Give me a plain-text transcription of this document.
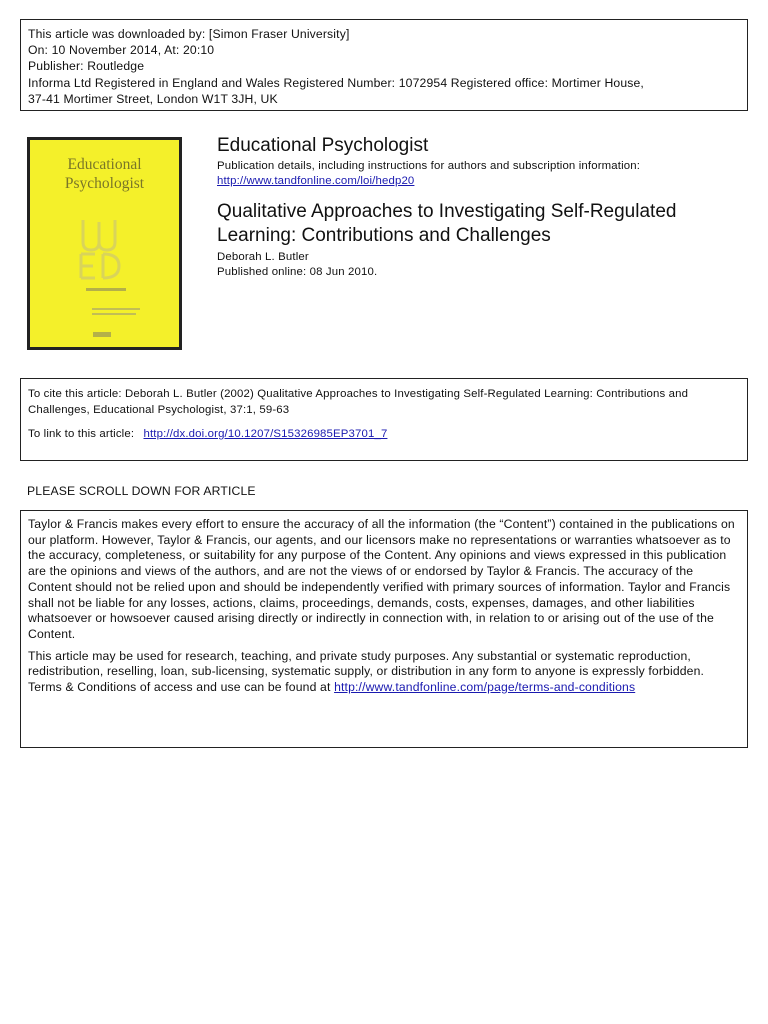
This article was downloaded by: [Simon Fraser University]
On: 10 November 2014, At: 20:10
Publisher: Routledge
Informa Ltd Registered in England and Wales Registered Number: 1072954 Registered office: Mortimer House,
37-41 Mortimer Street, London W1T 3JH, UK
Educational
Psychologist
Educational Psychologist
Publication details, including instructions for authors and subscription information:
http://www.tandfonline.com/loi/hedp20
Qualitative Approaches to Investigating Self-Regulated Learning: Contributions and Challenges
Deborah L. Butler
Published online: 08 Jun 2010.
To cite this article: Deborah L. Butler (2002) Qualitative Approaches to Investigating Self-Regulated Learning: Contributions and Challenges, Educational Psychologist, 37:1, 59-63
To link to this article: http://dx.doi.org/10.1207/S15326985EP3701_7
PLEASE SCROLL DOWN FOR ARTICLE

Taylor & Francis makes every effort to ensure the accuracy of all the information (the “Content”) contained in the publications on our platform. However, Taylor & Francis, our agents, and our licensors make no representations or warranties whatsoever as to the accuracy, completeness, or suitability for any purpose of the Content. Any opinions and views expressed in this publication are the opinions and views of the authors, and are not the views of or endorsed by Taylor & Francis. The accuracy of the Content should not be relied upon and should be independently verified with primary sources of information. Taylor and Francis shall not be liable for any losses, actions, claims, proceedings, demands, costs, expenses, damages, and other liabilities whatsoever or howsoever caused arising directly or indirectly in connection with, in relation to or arising out of the use of the Content.

This article may be used for research, teaching, and private study purposes. Any substantial or systematic reproduction, redistribution, reselling, loan, sub-licensing, systematic supply, or distribution in any form to anyone is expressly forbidden. Terms & Conditions of access and use can be found at http://www.tandfonline.com/page/terms-and-conditions
